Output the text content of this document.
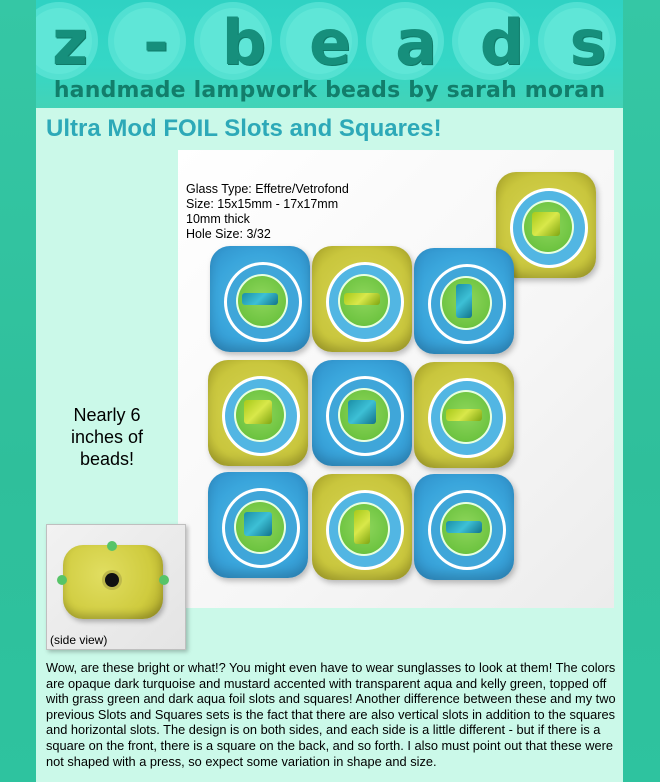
z - b e a d s
handmade lampwork beads by sarah moran
Ultra Mod FOIL Slots and Squares!
Glass Type: Effetre/Vetrofond
Size: 15x15mm - 17x17mm
10mm thick
Hole Size: 3/32
Nearly 6 inches of beads!
(side view)

Wow, are these bright or what!? You might even have to wear sunglasses to look at them! The colors are opaque dark turquoise and mustard accented with transparent aqua and kelly green, topped off with grass green and dark aqua foil slots and squares! Another difference between these and my two previous Slots and Squares sets is the fact that there are also vertical slots in addition to the squares and horizontal slots. The design is on both sides, and each side is a little different - but if there is a square on the front, there is a square on the back, and so forth. I also must point out that these were not shaped with a press, so expect some variation in shape and size.
